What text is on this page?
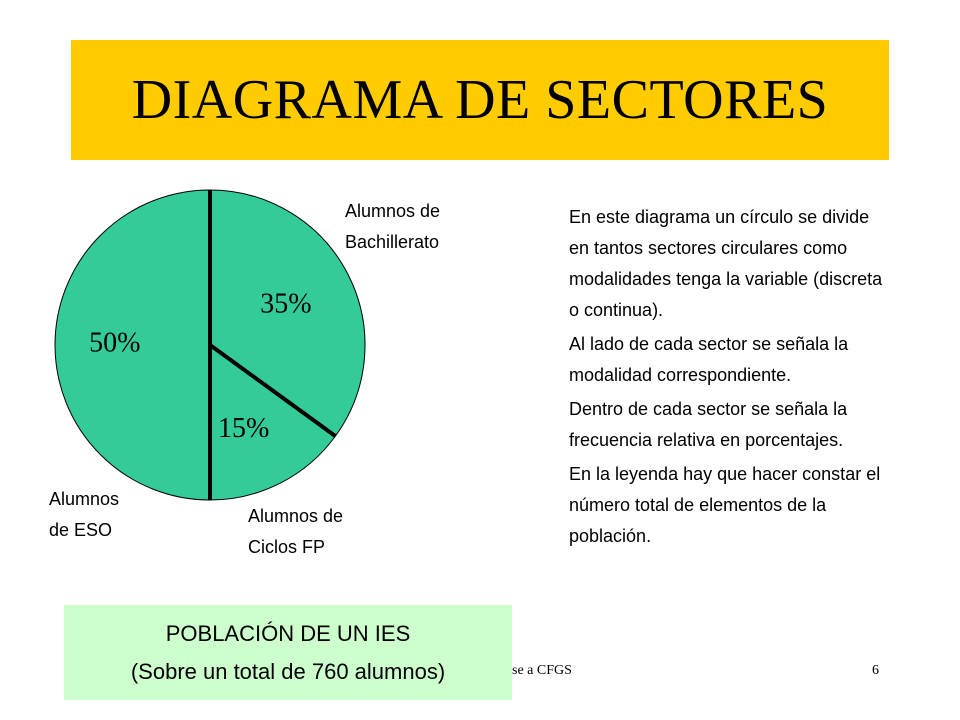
DIAGRAMA DE SECTORES
35%
15%
50%
Alumnos de
Bachillerato
Alumnos
de ESO
Alumnos de
Ciclos FP

En este diagrama un círculo se divide en tantos sectores circulares como modalidades tenga la variable (discreta o continua).

Al lado de cada sector se señala la modalidad correspondiente.

Dentro de cada sector se señala la frecuencia relativa en porcentajes.

En la leyenda hay que hacer constar el número total de elementos de la población.

se a CFGS	6
POBLACIÓN DE UN IES
(Sobre un total de 760 alumnos)
